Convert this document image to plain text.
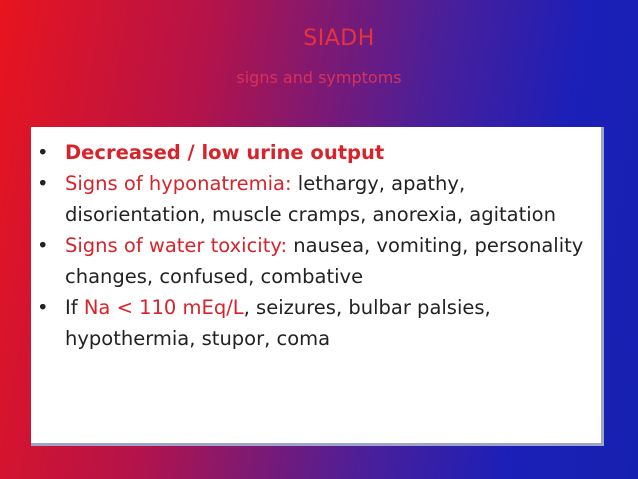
SIADH
signs and symptoms
• Decreased / low urine output
• Signs of hyponatremia: lethargy, apathy, disorientation, muscle cramps, anorexia, agitation
• Signs of water toxicity: nausea, vomiting, personality changes, confused, combative
• If Na < 110 mEq/L, seizures, bulbar palsies, hypothermia, stupor, coma
